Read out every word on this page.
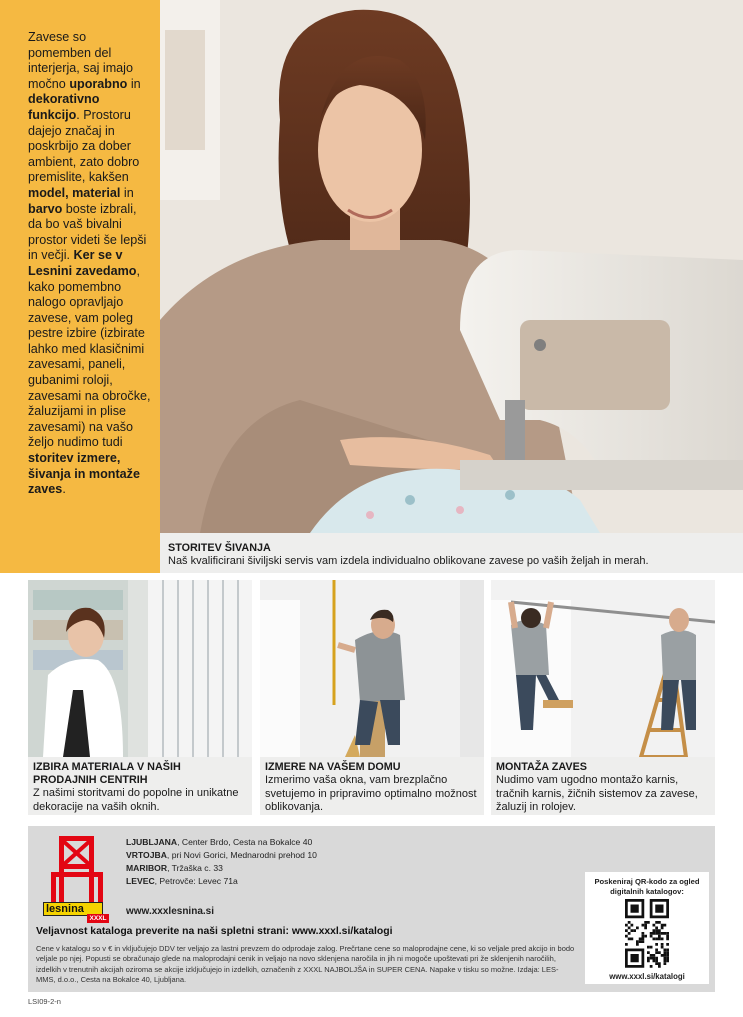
Zavese so pomemben del interjerja, saj imajo močno uporabno in dekorativno funkcijo. Prostoru dajejo značaj in poskrbijo za dober ambient, zato dobro premislite, kakšen model, material in barvo boste izbrali, da bo vaš bivalni prostor videti še lepši in večji. Ker se v Lesnini zavedamo, kako pomembno nalogo opravljajo zavese, vam poleg pestre izbire (izbirate lahko med klasičnimi zavesami, paneli, gubanimi roloji, zavesami na obročke, žaluzijami in plise zavesami) na vašo željo nudimo tudi storitev izmere, šivanja in montaže zaves.
STORITEV ŠIVANJA
Naš kvalificirani šiviljski servis vam izdela individualno oblikovane zavese po vaših željah in merah.
IZBIRA MATERIALA V NAŠIH PRODAJNIH CENTRIH
Z našimi storitvami do popolne in unikatne dekoracije na vaših oknih.
IZMERE NA VAŠEM DOMU
Izmerimo vaša okna, vam brezplačno svetujemo in pripravimo optimalno možnost oblikovanja.
MONTAŽA ZAVES
Nudimo vam ugodno montažo karnis, tračnih karnis, žičnih sistemov za zavese, žaluzij in rolojev.
lesnina
XXXL
LJUBLJANA, Center Brdo, Cesta na Bokalce 40
VRTOJBA, pri Novi Gorici, Mednarodni prehod 10
MARIBOR, Tržaška c. 33
LEVEC, Petrovče: Levec 71a
www.xxxlesnina.si
Veljavnost kataloga preverite na naši spletni strani: www.xxxl.si/katalogi
Cene v katalogu so v € in vključujejo DDV ter veljajo za lastni prevzem do odprodaje zalog. Prečrtane cene so maloprodajne cene, ki so veljale pred akcijo in bodo veljale po njej. Popusti se obračunajo glede na maloprodajni cenik in veljajo na novo sklenjena naročila in jih ni mogoče upoštevati pri že sklenjenih naročilih, izdelkih v trenutnih akcijah oziroma se akcije izključujejo in izdelkih, označenih z XXXL NAJBOLJŠA in SUPER CENA. Napake v tisku so možne. Izdaja: LES-MMS, d.o.o., Cesta na Bokalce 40, Ljubljana.
Poskeniraj QR-kodo za ogled digitalnih katalogov:
www.xxxl.si/katalogi
LSI09-2-n
